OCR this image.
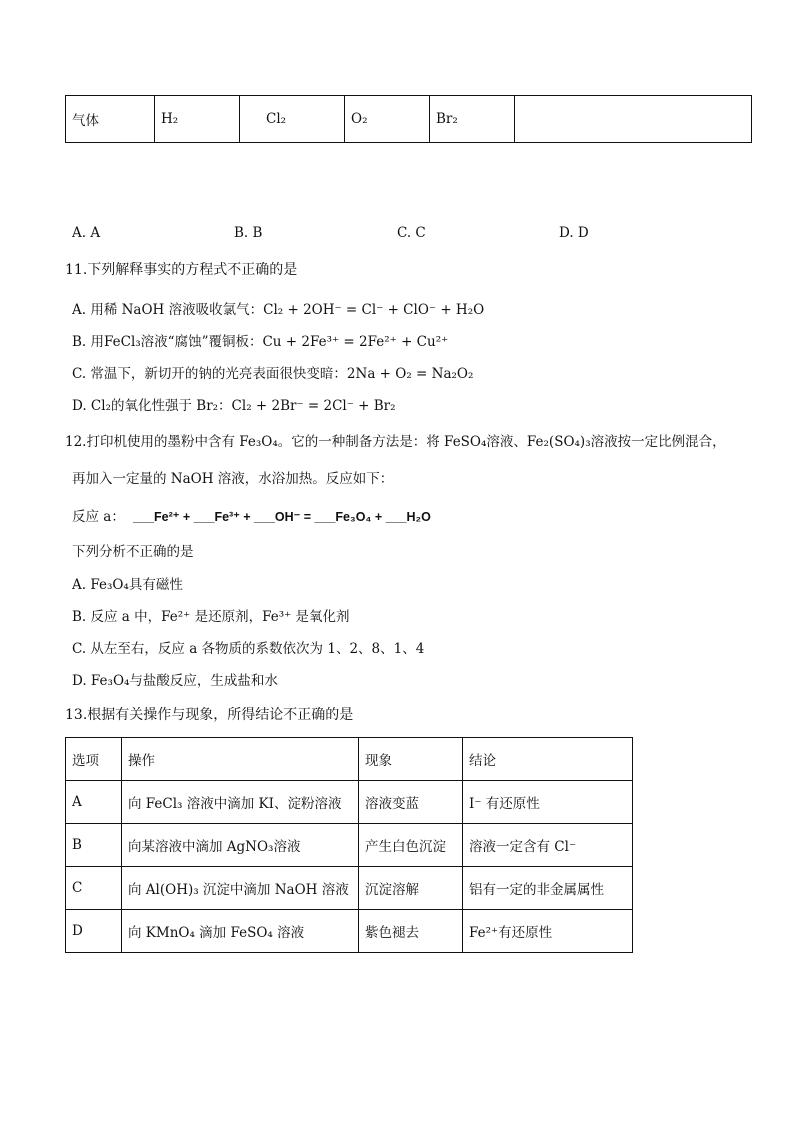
气体	H₂	Cl₂	O₂	Br₂	
A. A	B. B	C. C	D. D
11.下列解释事实的方程式不正确的是
A. 用稀 NaOH 溶液吸收氯气：Cl₂ + 2OH⁻ = Cl⁻ + ClO⁻ + H₂O
B. 用FeCl₃溶液“腐蚀”覆铜板：Cu + 2Fe³⁺ = 2Fe²⁺ + Cu²⁺
C. 常温下，新切开的钠的光亮表面很快变暗：2Na + O₂ = Na₂O₂
D. Cl₂的氧化性强于 Br₂：Cl₂ + 2Br⁻ = 2Cl⁻ + Br₂
12.打印机使用的墨粉中含有 Fe₃O₄。它的一种制备方法是：将 FeSO₄溶液、Fe₂(SO₄)₃溶液按一定比例混合，
再加入一定量的 NaOH 溶液，水浴加热。反应如下：
反应 a： ___Fe²⁺ + ___Fe³⁺ + ___OH⁻ = ___Fe₃O₄ + ___H₂O
下列分析不正确的是
A. Fe₃O₄具有磁性
B. 反应 a 中，Fe²⁺ 是还原剂，Fe³⁺ 是氧化剂
C. 从左至右，反应 a 各物质的系数依次为 1、2、8、1、4
D. Fe₃O₄与盐酸反应，生成盐和水
13.根据有关操作与现象，所得结论不正确的是
选项	操作	现象	结论
A	向 FeCl₃ 溶液中滴加 KI、淀粉溶液	溶液变蓝	I⁻ 有还原性
B	向某溶液中滴加 AgNO₃溶液	产生白色沉淀	溶液一定含有 Cl⁻
C	向 Al(OH)₃ 沉淀中滴加 NaOH 溶液	沉淀溶解	铝有一定的非金属属性
D	向 KMnO₄ 滴加 FeSO₄ 溶液	紫色褪去	Fe²⁺有还原性
